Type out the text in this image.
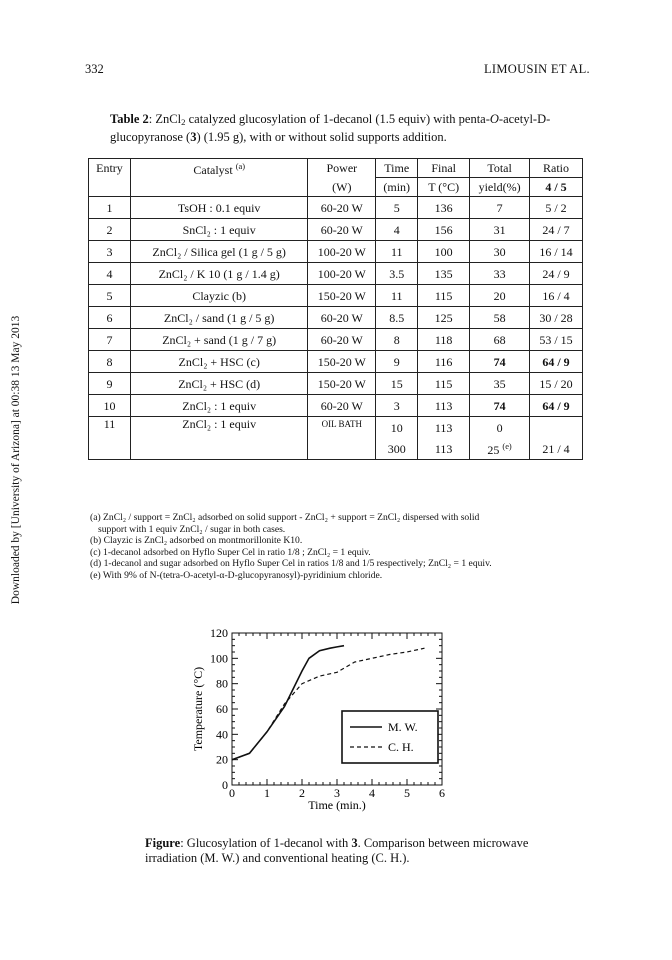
332	LIMOUSIN ET AL.
Downloaded by [University of Arizona] at 00:38 13 May 2013
Table 2: ZnCl$_2$ catalyzed glucosylation of 1-decanol (1.5 equiv) with penta-O-acetyl-D-glucopyranose (3) (1.95 g), with or without solid supports addition.
Entry	Catalyst $^{(a)}$	Power	Time	Final	Total	Ratio
		(W)	(min)	T (°C)	yield(%)	4 / 5
1	TsOH : 0.1 equiv	60-20 W	5	136	7	5 / 2
2	SnCl₂ : 1 equiv	60-20 W	4	156	31	24 / 7
3	ZnCl₂ / Silica gel (1 g / 5 g)	100-20 W	11	100	30	16 / 14
4	ZnCl₂ / K 10 (1 g / 1.4 g)	100-20 W	3.5	135	33	24 / 9
5	Clayzic (b)	150-20 W	11	115	20	16 / 4
6	ZnCl₂ / sand (1 g / 5 g)	60-20 W	8.5	125	58	30 / 28
7	ZnCl₂ + sand (1 g / 7 g)	60-20 W	8	118	68	53 / 15
8	ZnCl₂ + HSC (c)	150-20 W	9	116	74	64 / 9
9	ZnCl₂ + HSC (d)	150-20 W	15	115	35	15 / 20
10	ZnCl₂ : 1 equiv	60-20 W	3	113	74	64 / 9
11	ZnCl₂ : 1 equiv	OIL BATH	10	113	0	
			300	113	25 $^{(e)}$	21 / 4
(a) ZnCl₂ / support = ZnCl₂ adsorbed on solid support - ZnCl₂ + support = ZnCl₂ dispersed with solid
support with 1 equiv ZnCl₂ / sugar in both cases.
(b) Clayzic is ZnCl₂ adsorbed on montmorillonite K10.
(c) 1-decanol adsorbed on Hyflo Super Cel in ratio 1/8 ; ZnCl₂ = 1 equiv.
(d) 1-decanol and sugar adsorbed on Hyflo Super Cel in ratios 1/8 and 1/5 respectively; ZnCl₂ = 1 equiv.
(e) With 9% of N-(tetra-O-acetyl-α-D-glucopyranosyl)-pyridinium chloride.
0 1 2 3 4 5 6
0
20
40
60
80
100
120
Time (min.)
Temperature (°C)	M. W.
C. H.
Figure: Glucosylation of 1-decanol with 3. Comparison between microwave irradiation (M. W.) and conventional heating (C. H.).
